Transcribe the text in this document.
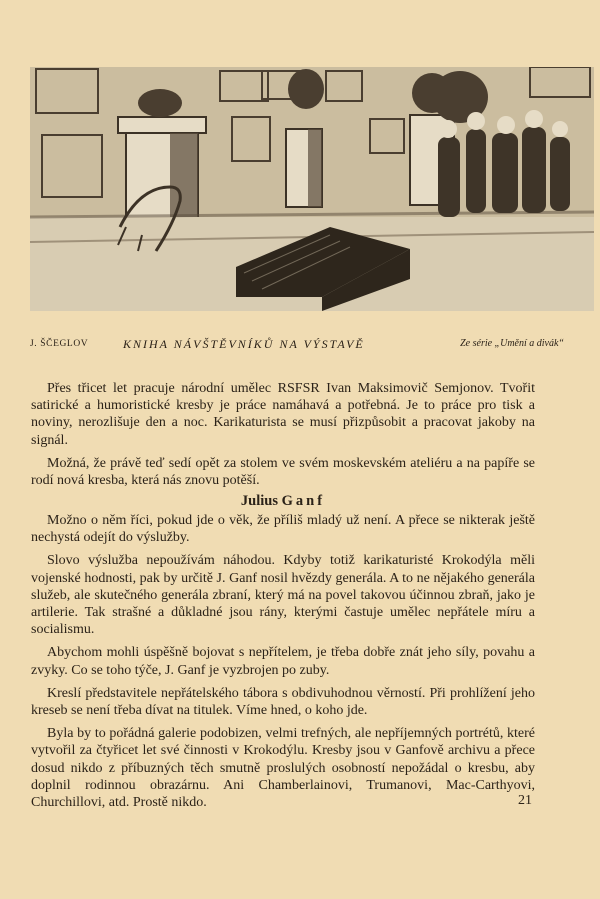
J. ŠČEGLOV	KNIHA NÁVŠTĚVNÍKŮ NA VÝSTAVĚ	Ze série „Umění a divák“

Přes třicet let pracuje národní umělec RSFSR Ivan Maksimovič Semjonov. Tvořit satirické a humoristické kresby je práce namáhavá a potřebná. Je to práce pro tisk a noviny, nerozlišuje den a noc. Karikaturista se musí přizpůsobit a pracovat jakoby na signál.

Možná, že právě teď sedí opět za stolem ve svém moskevském ateliéru a na papíře se rodí nová kresba, která nás znovu potěší.

Julius Ganf

Možno o něm říci, pokud jde o věk, že příliš mladý už není. A přece se nikterak ještě nechystá odejít do výslužby.

Slovo výslužba nepoužívám náhodou. Kdyby totiž karikaturisté Krokodýla měli vojenské hodnosti, pak by určitě J. Ganf nosil hvězdy generála. A to ne nějakého generála služeb, ale skutečného generála zbraní, který má na povel takovou účinnou zbraň, jako je artilerie. Tak strašné a důkladné jsou rány, kterými častuje umělec nepřátele míru a socialismu.

Abychom mohli úspěšně bojovat s nepřítelem, je třeba dobře znát jeho síly, povahu a zvyky. Co se toho týče, J. Ganf je vyzbrojen po zuby.

Kreslí představitele nepřátelského tábora s obdivuhodnou věrností. Při prohlížení jeho kreseb se není třeba dívat na titulek. Víme hned, o koho jde.

Byla by to pořádná galerie podobizen, velmi trefných, ale nepříjemných portrétů, které vytvořil za čtyřicet let své činnosti v Krokodýlu. Kresby jsou v Ganfově archivu a přece dosud nikdo z příbuzných těch smutně proslulých osobností nepožádal o kresbu, aby doplnil rodinnou obrazárnu. Ani Chamberlainovi, Trumanovi, Mac-Carthyovi, Churchillovi, atd. Prostě nikdo.	21
